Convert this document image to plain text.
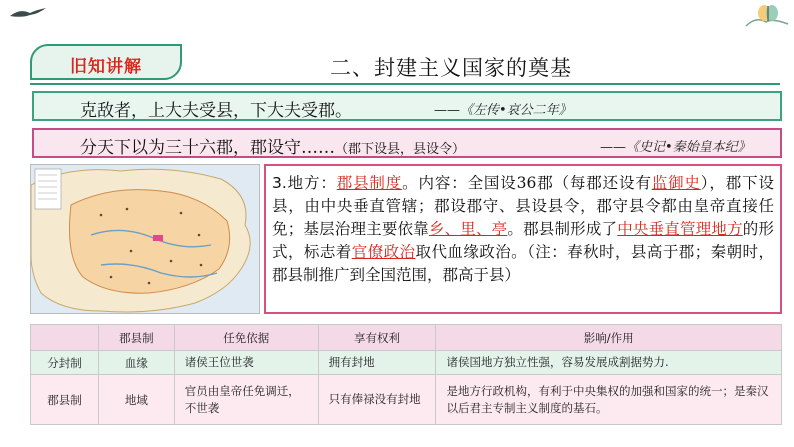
旧知讲解	二、封建主义国家的奠基
克敌者，上大夫受县，下大夫受郡。	——《左传•哀公二年》
分天下以为三十六郡，郡设守……（郡下设县，县设令）	——《史记•秦始皇本纪》

3.地方：郡县制度。内容：全国设36郡（每郡还设有监御史），郡下设县，由中央垂直管辖；郡设郡守、县设县令，郡守县令都由皇帝直接任免；基层治理主要依靠乡、里、亭。郡县制形成了中央垂直管理地方的形式，标志着官僚政治取代血缘政治。（注：春秋时，县高于郡；秦朝时，郡县制推广到全国范围，郡高于县）

	郡县制	任免依据	享有权利	影响/作用
分封制	血缘	诸侯王位世袭	拥有封地	诸侯国地方独立性强，容易发展成割据势力.
郡县制	地域	官员由皇帝任免调迁，不世袭	只有俸禄没有封地	是地方行政机构，有利于中央集权的加强和国家的统一；是秦汉以后君主专制主义制度的基石。
